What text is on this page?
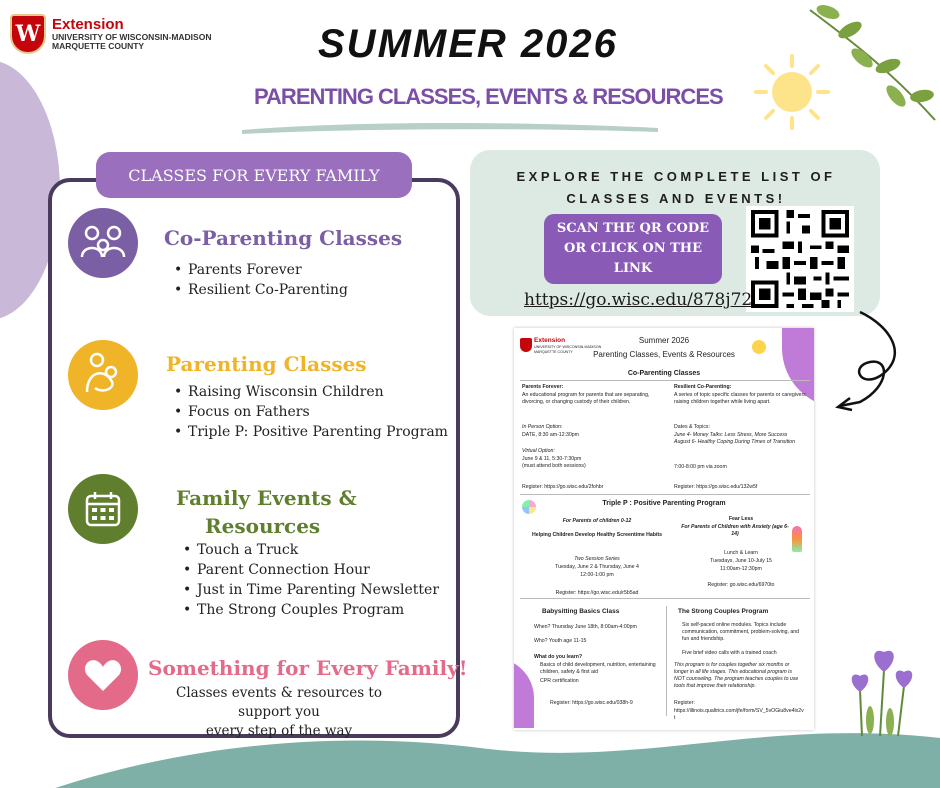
W Extension
UNIVERSITY OF WISCONSIN-MADISON
MARQUETTE COUNTY	SUMMER 2026
PARENTING CLASSES, EVENTS & RESOURCES
CLASSES FOR EVERY FAMILY
Co-Parenting Classes
• Parents Forever
• Resilient Co-Parenting
Parenting Classes
• Raising Wisconsin Children
• Focus on Fathers
• Triple P: Positive Parenting Program
Family Events &
Resources
• Touch a Truck
• Parent Connection Hour
• Just in Time Parenting Newsletter
• The Strong Couples Program
Something for Every Family!
Classes events & resources to support you
every step of the way
EXPLORE THE COMPLETE LIST OF
CLASSES AND EVENTS!
SCAN THE QR CODE
OR CLICK ON THE LINK
https://go.wisc.edu/878j72
Extension
UNIVERSITY OF WISCONSIN-MADISON
MARQUETTE COUNTY
Summer 2026
Parenting Classes, Events & Resources
Co-Parenting Classes
Parents Forever:
An educational program for parents that are separating, divorcing, or changing custody of their children.
In Person Option:
DATE, 8:30 am-12:30pm
Virtual Option:
June 9 & 11, 5:30-7:30pm
(must attend both sessions)
Register: https://go.wisc.edu/2fohbr
Resilient Co-Parenting:
A series of topic specific classes for parents or caregivers raising children together while living apart.
Dates & Topics:
June 4- Money Talks: Less Stress, More Success
August 6- Healthy Coping During Times of Transition
7:00-8:00 pm via zoom
Register: https://go.wisc.edu/132w5f
Triple P : Positive Parenting Program
For Parents of children 0-12
Helping Children Develop Healthy Screentime Habits
Two Session Series
Tuesday, June 2 & Thursday, June 4
12:00-1:00 pm
Register: https://go.wisc.edu/r5b5ad
Fear Less
For Parents of Children with Anxiety (age 6-14)
Lunch & Learn
Tuesdays, June 10-July 15
11:00am-12:30pm
Register: go.wisc.edu/6970to
Babysitting Basics Class
When? Thursday June 18th, 8:00am-4:00pm
Who? Youth age 11-15
What do you learn?
Basics of child development, nutrition, entertaining children, safety & first aid
CPR certification
Register: https://go.wisc.edu/038h-9
The Strong Couples Program
Six self-paced online modules. Topics include communication, commitment, problem-solving, and fun and friendship.
Five brief video calls with a trained coach
This program is for couples together six months or longer in all life stages. This educational program is NOT counseling. The program teaches couples to use tools that improve their relationship.
Register:
https://illinois.qualtrics.com/jfe/form/SV_5vOGiu8ve4lx2vt
